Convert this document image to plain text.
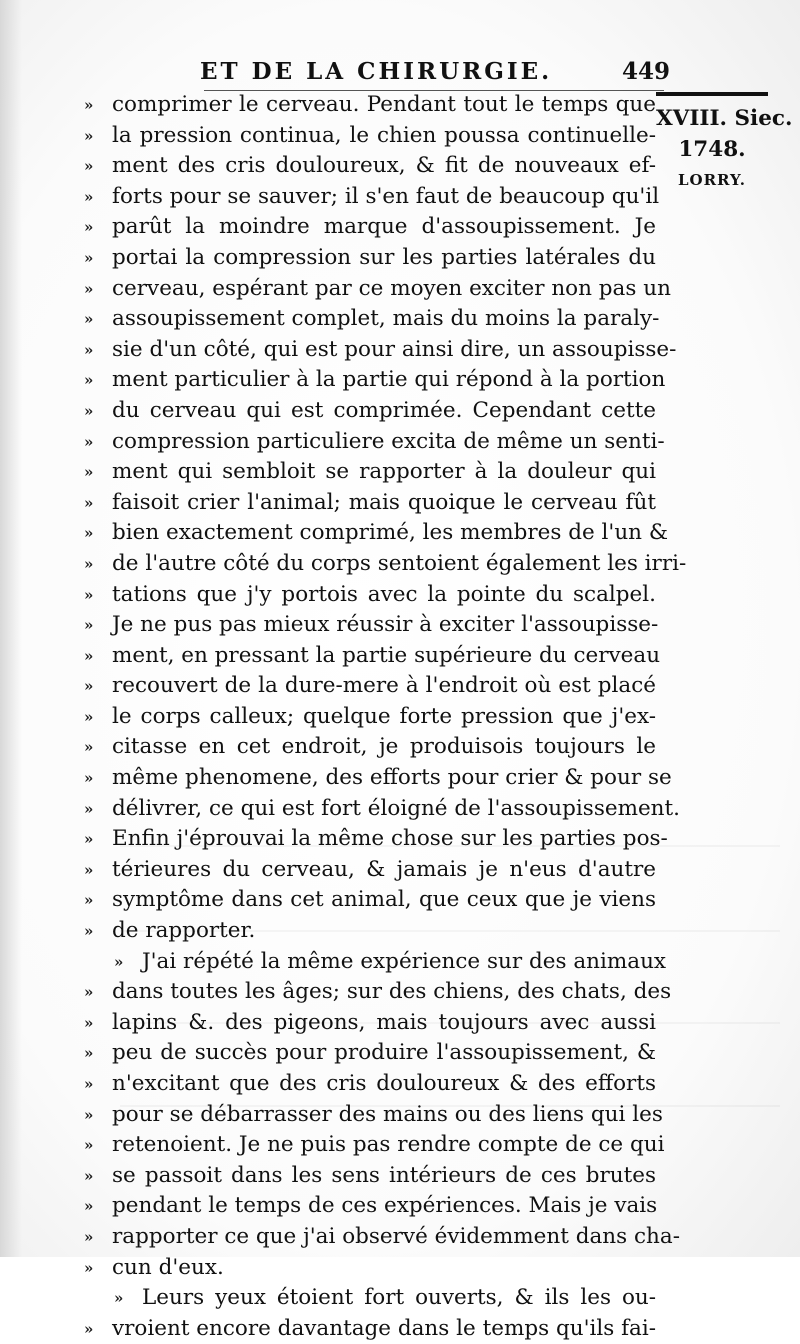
ET DE LA CHIRURGIE.	449
XVIII. Siec.
1748.
LORRY.
» comprimer le cerveau. Pendant tout le temps que
» la pression continua, le chien poussa continuelle-
» ment des cris douloureux, & fit de nouveaux ef-
» forts pour se sauver; il s'en faut de beaucoup qu'il
» parût la moindre marque d'assoupissement. Je
» portai la compression sur les parties latérales du
» cerveau, espérant par ce moyen exciter non pas un
» assoupissement complet, mais du moins la paraly-
» sie d'un côté, qui est pour ainsi dire, un assoupisse-
» ment particulier à la partie qui répond à la portion
» du cerveau qui est comprimée. Cependant cette
» compression particuliere excita de même un senti-
» ment qui sembloit se rapporter à la douleur qui
» faisoit crier l'animal; mais quoique le cerveau fût
» bien exactement comprimé, les membres de l'un &
» de l'autre côté du corps sentoient également les irri-
» tations que j'y portois avec la pointe du scalpel.
» Je ne pus pas mieux réussir à exciter l'assoupisse-
» ment, en pressant la partie supérieure du cerveau
» recouvert de la dure-mere à l'endroit où est placé
» le corps calleux; quelque forte pression que j'ex-
» citasse en cet endroit, je produisois toujours le
» même phenomene, des efforts pour crier & pour se
» délivrer, ce qui est fort éloigné de l'assoupissement.
» Enfin j'éprouvai la même chose sur les parties pos-
» térieures du cerveau, & jamais je n'eus d'autre
» symptôme dans cet animal, que ceux que je viens
» de rapporter.
» J'ai répété la même expérience sur des animaux
» dans toutes les âges; sur des chiens, des chats, des
» lapins &. des pigeons, mais toujours avec aussi
» peu de succès pour produire l'assoupissement, &
» n'excitant que des cris douloureux & des efforts
» pour se débarrasser des mains ou des liens qui les
» retenoient. Je ne puis pas rendre compte de ce qui
» se passoit dans les sens intérieurs de ces brutes
» pendant le temps de ces expériences. Mais je vais
» rapporter ce que j'ai observé évidemment dans cha-
» cun d'eux.
» Leurs yeux étoient fort ouverts, & ils les ou-
» vroient encore davantage dans le temps qu'ils fai-
